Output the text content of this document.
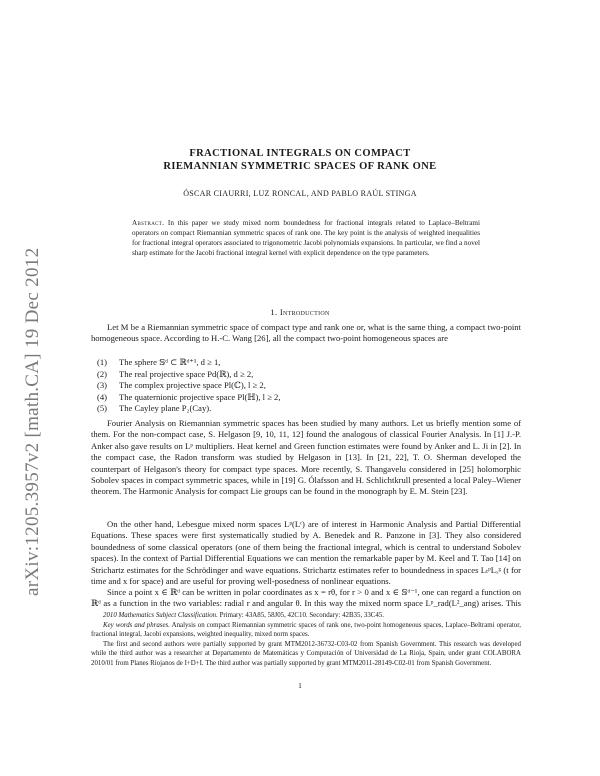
arXiv:1205.3957v2 [math.CA] 19 Dec 2012
FRACTIONAL INTEGRALS ON COMPACT
RIEMANNIAN SYMMETRIC SPACES OF RANK ONE
ÓSCAR CIAURRI, LUZ RONCAL, AND PABLO RAÚL STINGA
Abstract. In this paper we study mixed norm boundedness for fractional integrals related to Laplace–Beltrami operators on compact Riemannian symmetric spaces of rank one. The key point is the analysis of weighted inequalities for fractional integral operators associated to trigonometric Jacobi polynomials expansions. In particular, we find a novel sharp estimate for the Jacobi fractional integral kernel with explicit dependence on the type parameters.
1. Introduction

Let M be a Riemannian symmetric space of compact type and rank one or, what is the same thing, a compact two-point homogeneous space. According to H.-C. Wang [26], all the compact two-point homogeneous spaces are

(1) The sphere 𝕊ᵈ ⊂ ℝᵈ⁺¹, d ≥ 1,
(2) The real projective space Pd(ℝ), d ≥ 2,
(3) The complex projective space Pl(ℂ), l ≥ 2,
(4) The quaternionic projective space Pl(ℍ), l ≥ 2,
(5) The Cayley plane P₂(Cay).

Fourier Analysis on Riemannian symmetric spaces has been studied by many authors. Let us briefly mention some of them. For the non-compact case, S. Helgason [9, 10, 11, 12] found the analogous of classical Fourier Analysis. In [1] J.-P. Anker also gave results on Lᵖ multipliers. Heat kernel and Green function estimates were found by Anker and L. Ji in [2]. In the compact case, the Radon transform was studied by Helgason in [13]. In [21, 22], T. O. Sherman developed the counterpart of Helgason's theory for compact type spaces. More recently, S. Thangavelu considered in [25] holomorphic Sobolev spaces in compact symmetric spaces, while in [19] G. Ólafsson and H. Schlichtkrull presented a local Paley–Wiener theorem. The Harmonic Analysis for compact Lie groups can be found in the monograph by E. M. Stein [23].

On the other hand, Lebesgue mixed norm spaces Lᵖ(Lʳ) are of interest in Harmonic Analysis and Partial Differential Equations. These spaces were first systematically studied by A. Benedek and R. Panzone in [3]. They also considered boundedness of some classical operators (one of them being the fractional integral, which is central to understand Sobolev spaces). In the context of Partial Differential Equations we can mention the remarkable paper by M. Keel and T. Tao [14] on Strichartz estimates for the Schrödinger and wave equations. Strichartz estimates refer to boundedness in spaces LₜᵖLₓᵍ (t for time and x for space) and are useful for proving well-posedness of nonlinear equations.

Since a point x ∈ ℝᵈ can be written in polar coordinates as x = rθ, for r > 0 and x ∈ 𝕊ᵈ⁻¹, one can regard a function on ℝᵈ as a function in the two variables: radial r and angular θ. In this way the mixed norm space Lᵖ_rad(L²_ang) arises. This

2010 Mathematics Subject Classification. Primary: 43A85, 58J05, 42C10. Secondary: 42B35, 33C45.

Key words and phrases. Analysis on compact Riemannian symmetric spaces of rank one, two-point homogeneous spaces, Laplace–Beltrami operator, fractional integral, Jacobi expansions, weighted inequality, mixed norm spaces.

The first and second authors were partially supported by grant MTM2012-36732-C03-02 from Spanish Government. This research was developed while the third author was a researcher at Departamento de Matemáticas y Computación of Universidad de La Rioja, Spain, under grant COLABORA 2010/01 from Planes Riojanos de I+D+I. The third author was partially supported by grant MTM2011-28149-C02-01 from Spanish Government.

1
